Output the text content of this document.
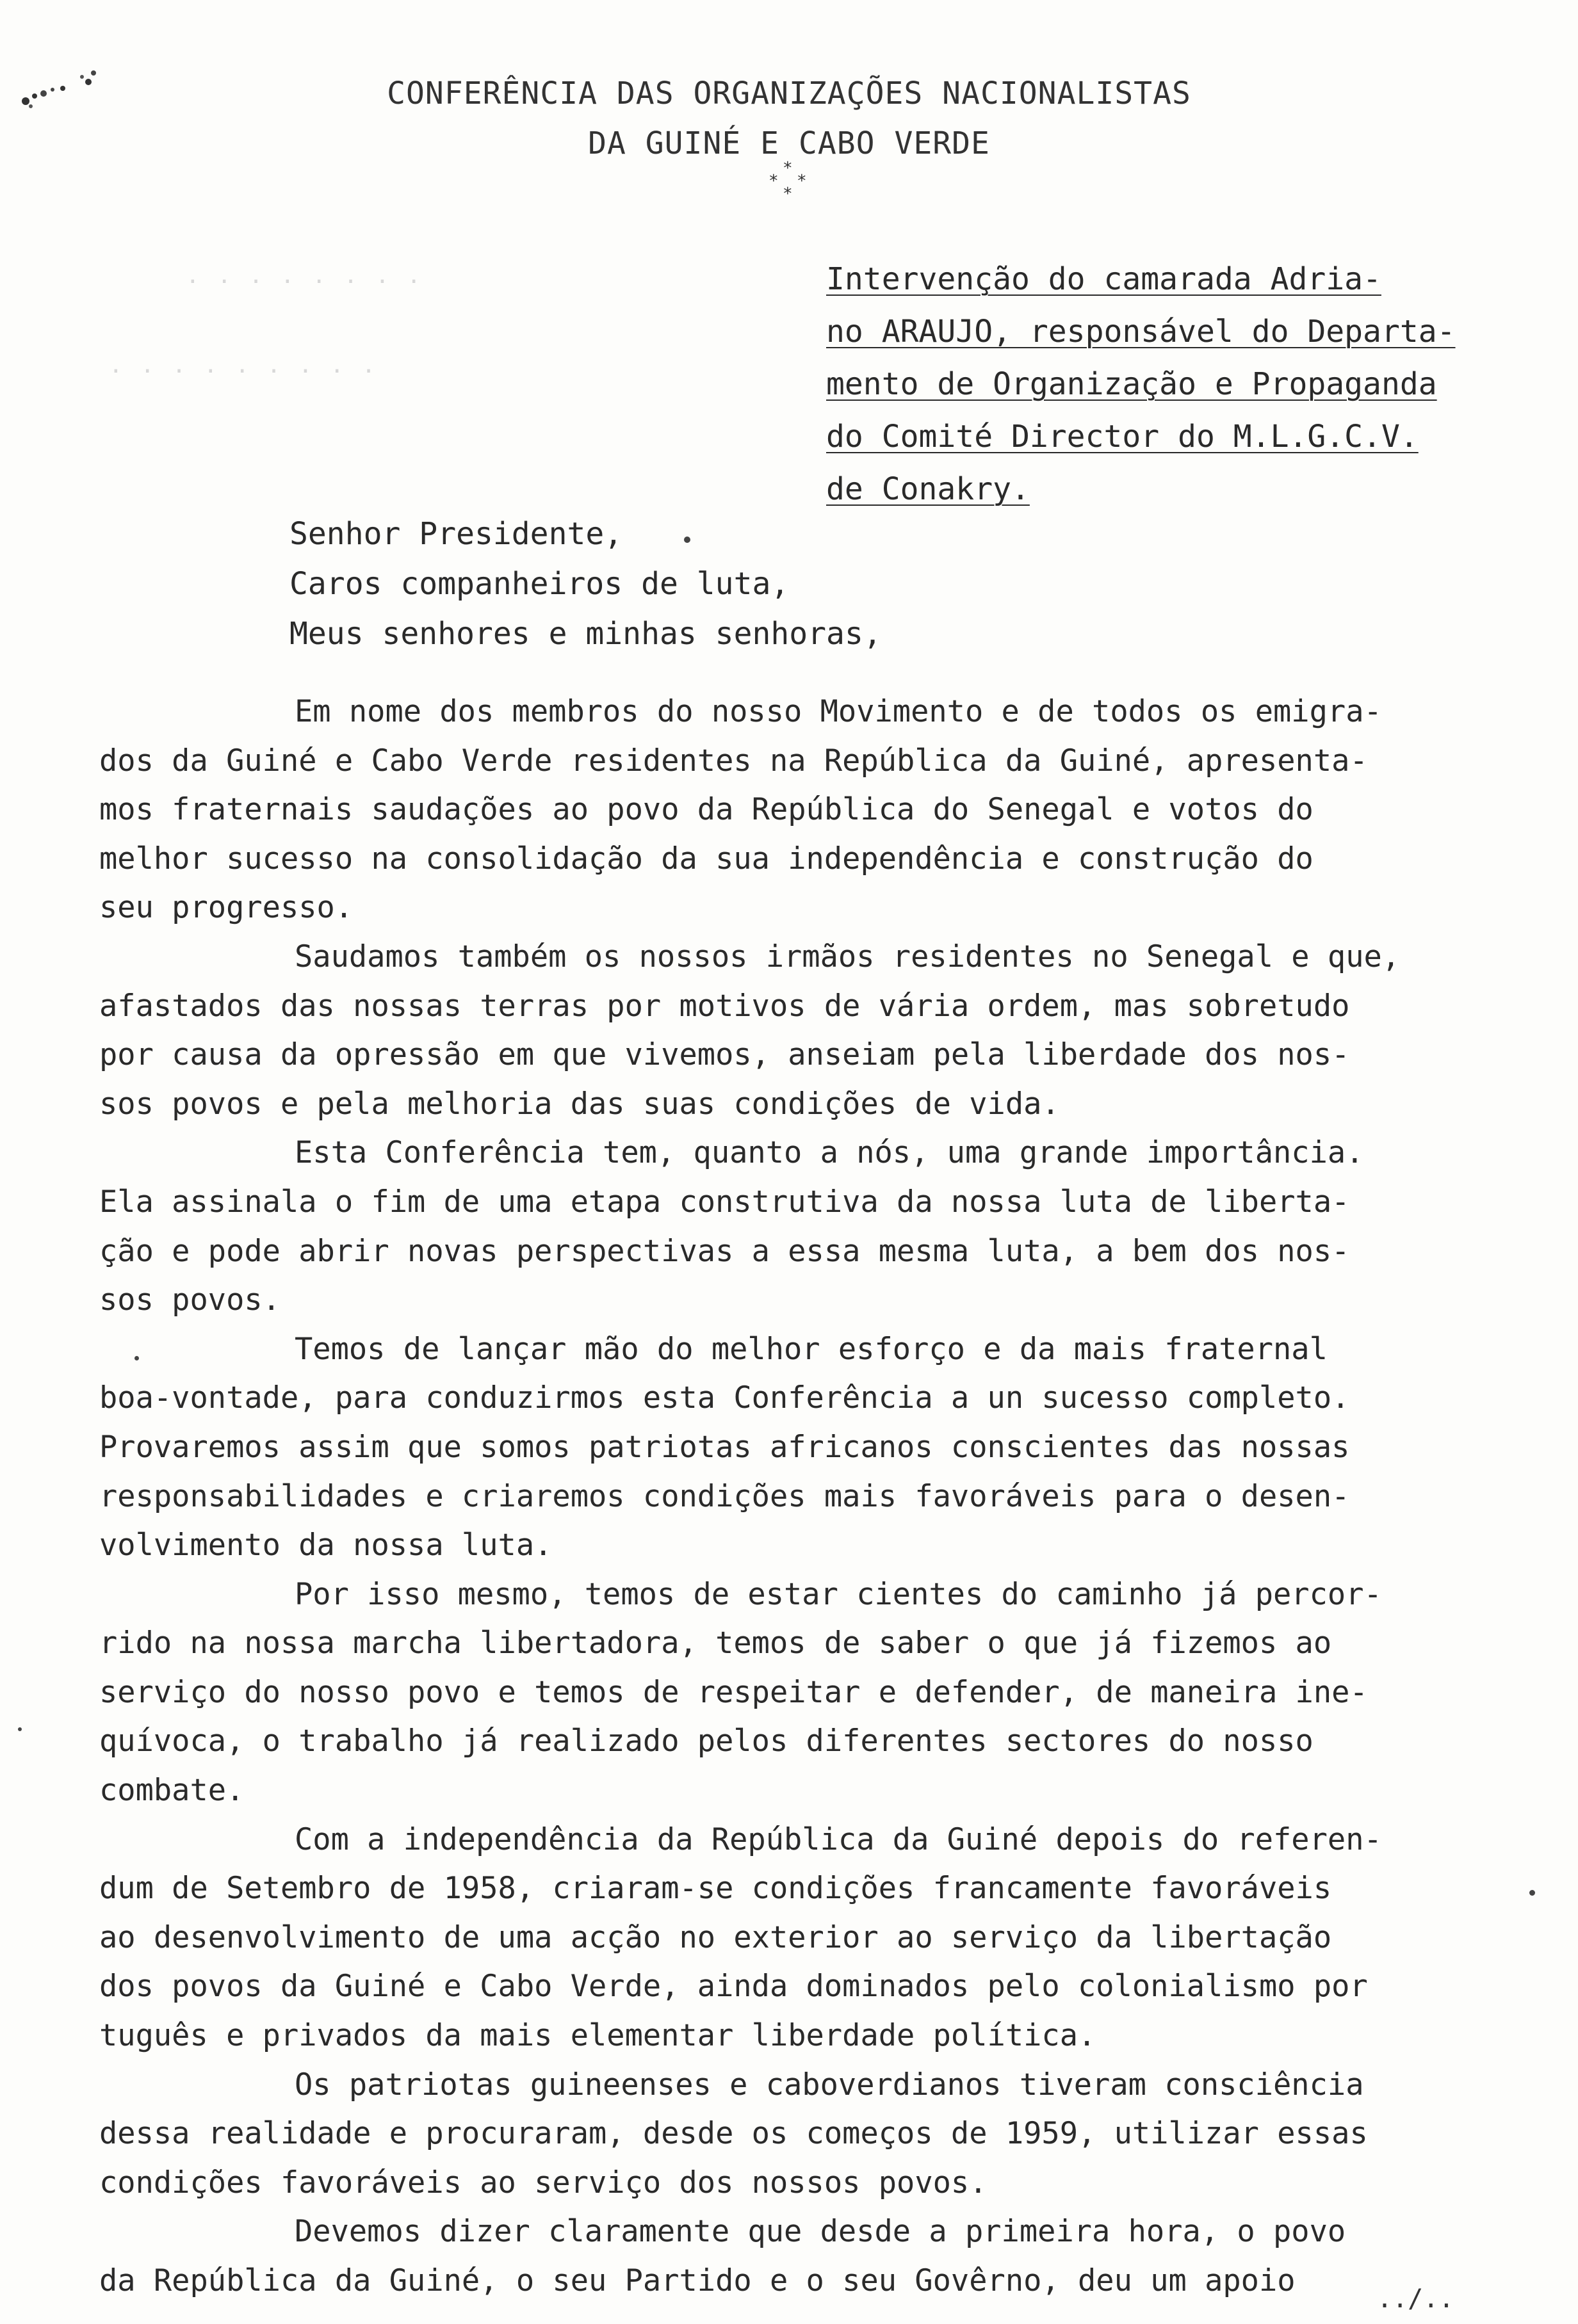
· · · · · · · ·
· · · · · · · · ·
CONFERÊNCIA DAS ORGANIZAÇÕES NACIONALISTAS
DA GUINÉ E CABO VERDE
*
* *
*
Intervenção do camarada Adria-
no ARAUJO, responsável do Departa-
mento de Organização e Propaganda
do Comité Director do M.L.G.C.V.
de Conakry.
Senhor Presidente,
Caros companheiros de luta,
Meus senhores e minhas senhoras,
Em nome dos membros do nosso Movimento e de todos os emigra-
dos da Guiné e Cabo Verde residentes na República da Guiné, apresenta-
mos fraternais saudações ao povo da República do Senegal e votos do
melhor sucesso na consolidação da sua independência e construção do
seu progresso.
Saudamos também os nossos irmãos residentes no Senegal e que,
afastados das nossas terras por motivos de vária ordem, mas sobretudo
por causa da opressão em que vivemos, anseiam pela liberdade dos nos-
sos povos e pela melhoria das suas condições de vida.
Esta Conferência tem, quanto a nós, uma grande importância.
Ela assinala o fim de uma etapa construtiva da nossa luta de liberta-
ção e pode abrir novas perspectivas a essa mesma luta, a bem dos nos-
sos povos.
Temos de lançar mão do melhor esforço e da mais fraternal
boa-vontade, para conduzirmos esta Conferência a un sucesso completo.
Provaremos assim que somos patriotas africanos conscientes das nossas
responsabilidades e criaremos condições mais favoráveis para o desen-
volvimento da nossa luta.
Por isso mesmo, temos de estar cientes do caminho já percor-
rido na nossa marcha libertadora, temos de saber o que já fizemos ao
serviço do nosso povo e temos de respeitar e defender, de maneira ine-
quívoca, o trabalho já realizado pelos diferentes sectores do nosso
combate.
Com a independência da República da Guiné depois do referen-
dum de Setembro de 1958, criaram-se condições francamente favoráveis
ao desenvolvimento de uma acção no exterior ao serviço da libertação
dos povos da Guiné e Cabo Verde, ainda dominados pelo colonialismo por
tuguês e privados da mais elementar liberdade política.
Os patriotas guineenses e caboverdianos tiveram consciência
dessa realidade e procuraram, desde os começos de 1959, utilizar essas
condições favoráveis ao serviço dos nossos povos.
Devemos dizer claramente que desde a primeira hora, o povo
da República da Guiné, o seu Partido e o seu Govêrno, deu um apoio
../..
